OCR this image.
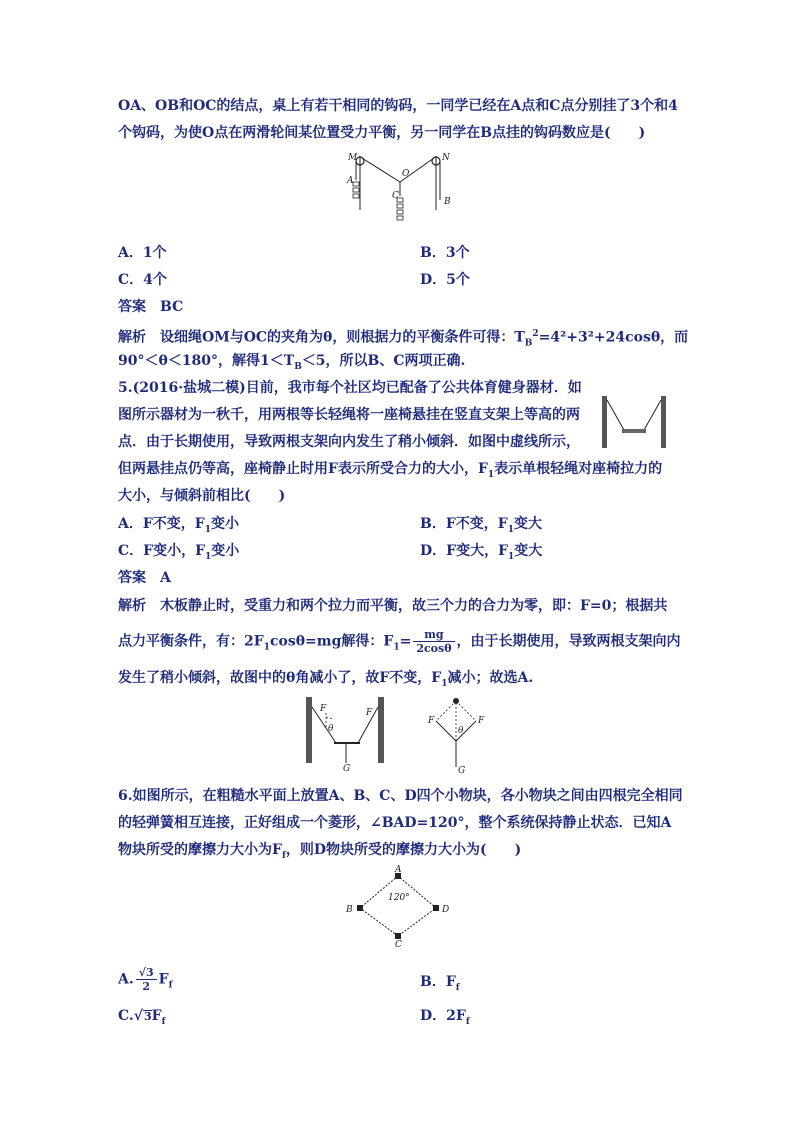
OA、OB和OC的结点，桌上有若干相同的钩码，一同学已经在A点和C点分别挂了3个和4
个钩码，为使O点在两滑轮间某位置受力平衡，另一同学在B点挂的钩码数应是(　　)
M	N
O
A
B
C
A．1个	B．3个
C．4个	D．5个
答案　BC
解析　设细绳OM与OC的夹角为θ，则根据力的平衡条件可得：$T_B^2=4^2+3^2+24\cos\theta$，而
90°＜θ＜180°，解得$1<T_B<5$，所以B、C两项正确.
5.(2016·盐城二模)目前，我市每个社区均已配备了公共体育健身器材．如
图所示器材为一秋千，用两根等长轻绳将一座椅悬挂在竖直支架上等高的两
点．由于长期使用，导致两根支架向内发生了稍小倾斜．如图中虚线所示，
但两悬挂点仍等高，座椅静止时用F表示所受合力的大小，$F_1$表示单根轻绳对座椅拉力的
大小，与倾斜前相比(　　)
A．F不变，$F_1$变小	B．F不变，$F_1$变大
C．F变小，$F_1$变小	D．F变大，$F_1$变大
答案　A
解析　木板静止时，受重力和两个拉力而平衡，故三个力的合力为零，即：F=0；根据共
点力平衡条件，有：$2F_1\cos\theta=mg$解得：$F_1= \frac{mg}{2\cos\theta}$ ，由于长期使用，导致两根支架向内
发生了稍小倾斜，故图中的θ角减小了，故F不变，$F_1$减小；故选A.
F	F
θ
G
F	F
θ
G
6.如图所示，在粗糙水平面上放置A、B、C、D四个小物块，各小物块之间由四根完全相同
的轻弹簧相互连接，正好组成一个菱形，∠BAD=120°，整个系统保持静止状态．已知A
物块所受的摩擦力大小为$F_f$，则D物块所受的摩擦力大小为(　　)
A
B	D
C
120°
A. $\frac{√3}{2} F_f$	B．$F_f$
$C.√3F_f$	D．$2F_f$
